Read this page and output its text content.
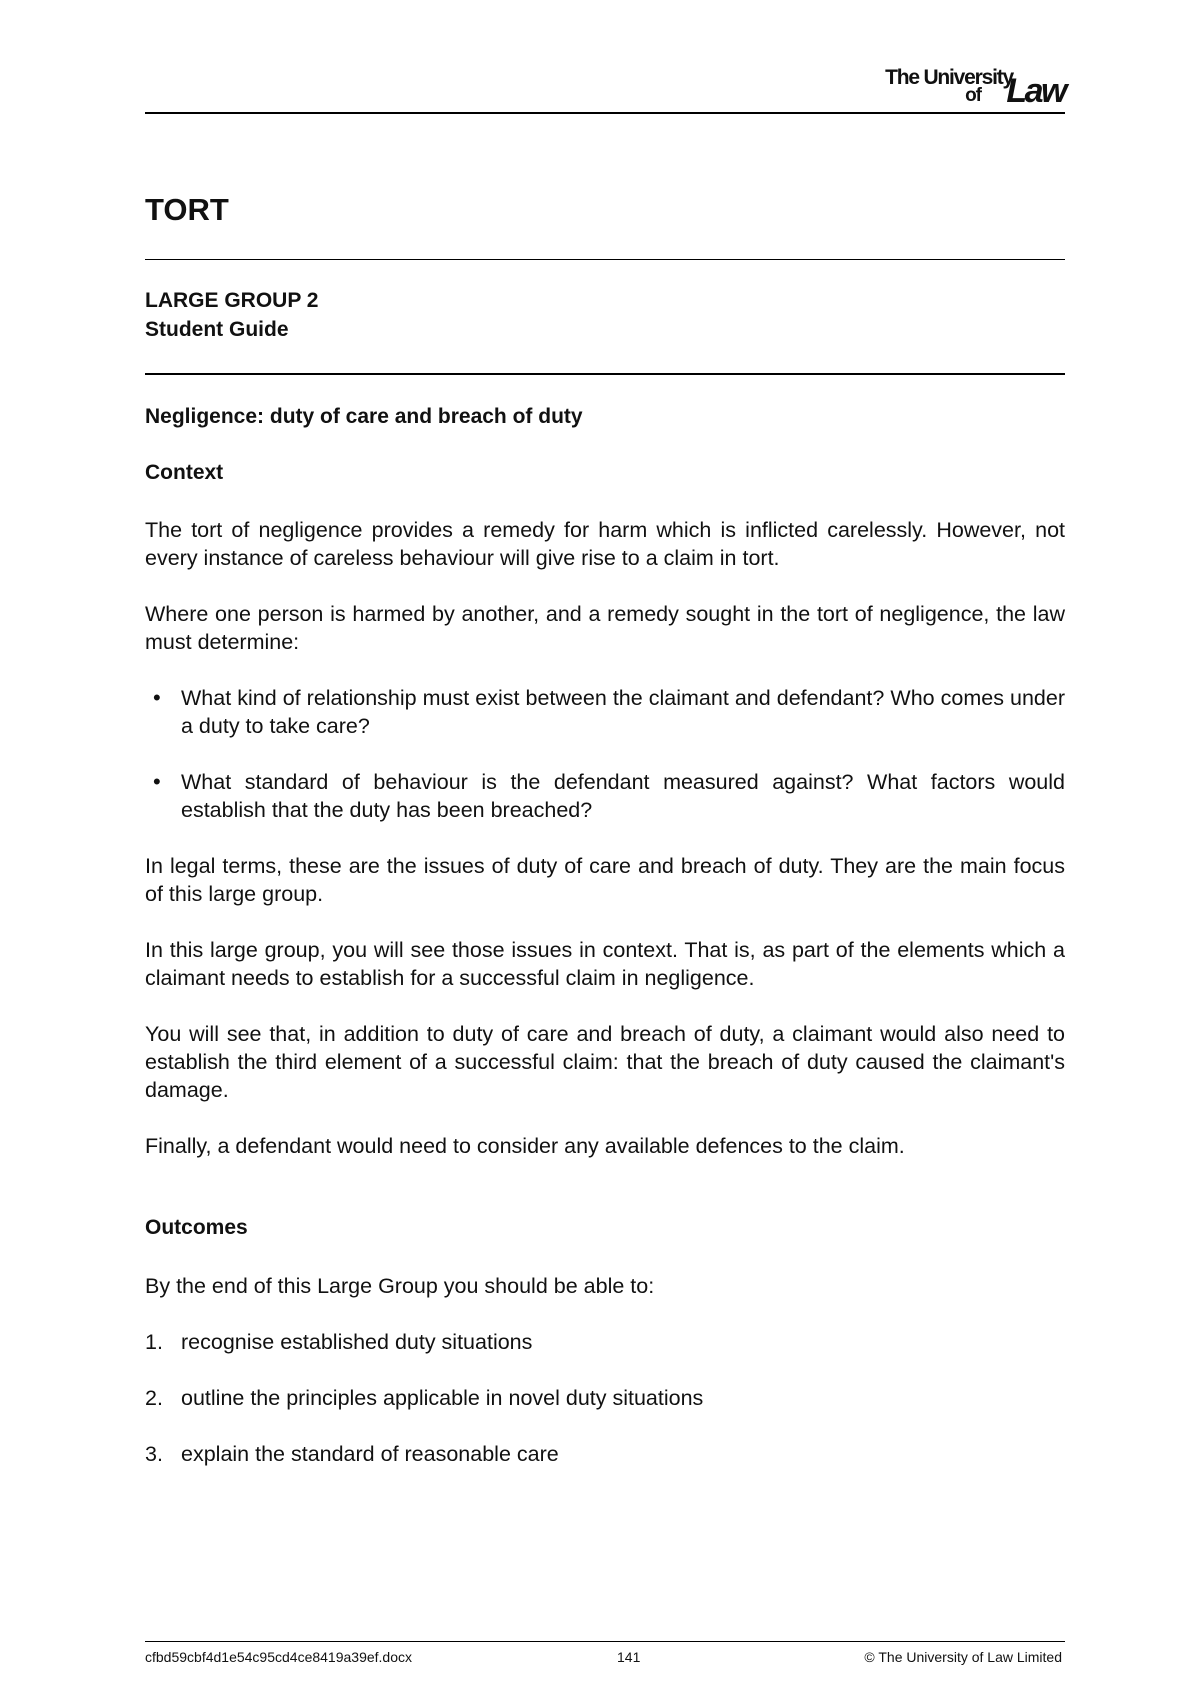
The University
of Law
TORT
LARGE GROUP 2
Student Guide
Negligence: duty of care and breach of duty
Context
The tort of negligence provides a remedy for harm which is inflicted carelessly. However, not every instance of careless behaviour will give rise to a claim in tort.
Where one person is harmed by another, and a remedy sought in the tort of negligence, the law must determine:
• What kind of relationship must exist between the claimant and defendant? Who comes under a duty to take care?
• What standard of behaviour is the defendant measured against? What factors would establish that the duty has been breached?
In legal terms, these are the issues of duty of care and breach of duty. They are the main focus of this large group.
In this large group, you will see those issues in context. That is, as part of the elements which a claimant needs to establish for a successful claim in negligence.
You will see that, in addition to duty of care and breach of duty, a claimant would also need to establish the third element of a successful claim: that the breach of duty caused the claimant's damage.
Finally, a defendant would need to consider any available defences to the claim.
Outcomes
By the end of this Large Group you should be able to:
1. recognise established duty situations
2. outline the principles applicable in novel duty situations
3. explain the standard of reasonable care
cfbd59cbf4d1e54c95cd4ce8419a39ef.docx	141	© The University of Law Limited
